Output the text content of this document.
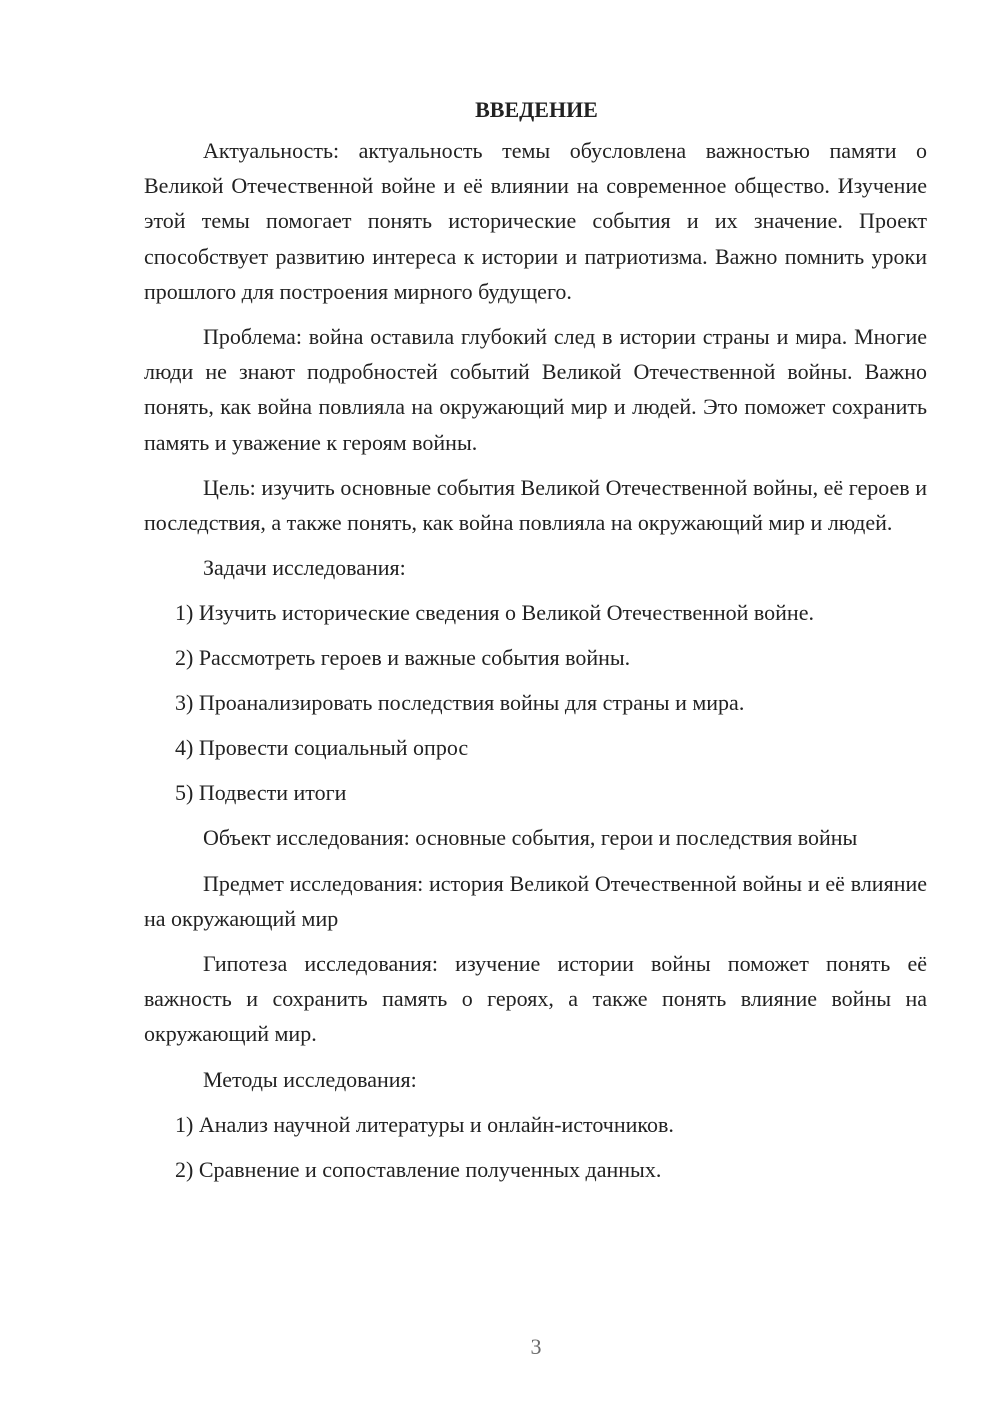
ВВЕДЕНИЕ

Актуальность: актуальность темы обусловлена важностью памяти о Великой Отечественной войне и её влиянии на современное общество. Изучение этой темы помогает понять исторические события и их значение. Проект способствует развитию интереса к истории и патриотизма. Важно помнить уроки прошлого для построения мирного будущего.

Проблема: война оставила глубокий след в истории страны и мира. Многие люди не знают подробностей событий Великой Отечественной войны. Важно понять, как война повлияла на окружающий мир и людей. Это поможет сохранить память и уважение к героям войны.

Цель: изучить основные события Великой Отечественной войны, её героев и последствия, а также понять, как война повлияла на окружающий мир и людей.

Задачи исследования:

1) Изучить исторические сведения о Великой Отечественной войне.
2) Рассмотреть героев и важные события войны.
3) Проанализировать последствия войны для страны и мира.
4) Провести социальный опрос
5) Подвести итоги

Объект исследования: основные события, герои и последствия войны

Предмет исследования: история Великой Отечественной войны и её влияние на окружающий мир

Гипотеза исследования: изучение истории войны поможет понять её важность и сохранить память о героях, а также понять влияние войны на окружающий мир.

Методы исследования:

1) Анализ научной литературы и онлайн-источников.
2) Сравнение и сопоставление полученных данных.
3
